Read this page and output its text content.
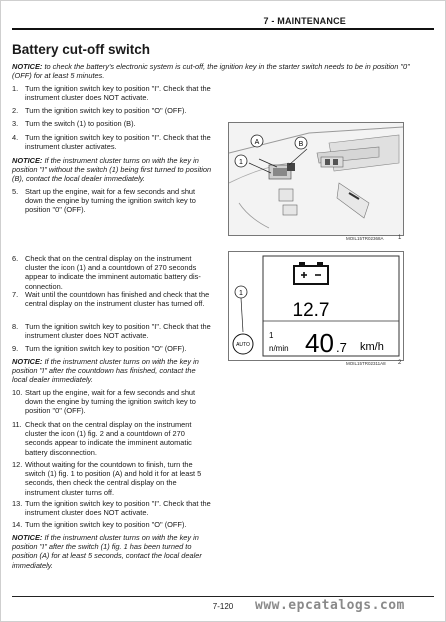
7 - MAINTENANCE
Battery cut-off switch
NOTICE: to check the battery's electronic system is cut-off, the ignition key in the starter switch needs to be in position "0" (OFF) for at least 5 minutes.
1. Turn the ignition switch key to position "I". Check that the instrument cluster does NOT activate.
2. Turn the ignition switch key to position "O" (OFF).
3. Turn the switch (1) to position (B).
4. Turn the ignition switch key to position "I". Check that the instrument cluster activates.
NOTICE: If the instrument cluster turns on with the key in position "I" without the switch (1) being first turned to position (B), contact the local dealer immediately.
5. Start up the engine, wait for a few seconds and shut down the engine by turning the ignition switch key to position "0" (OFF).
A	B
1
MOIL15TR02368A 1
6. Check that on the central display on the instrument cluster the icon (1) and a countdown of 270 seconds appear to indicate the imminent automatic battery dis-connection.
7. Wait until the countdown has finished and check that the central display on the instrument cluster has turned off.
8. Turn the ignition switch key to position "I". Check that the instrument cluster does NOT activate.
9. Turn the ignition switch key to position "O" (OFF).
NOTICE: If the instrument cluster turns on with the key in position "I" after the countdown has finished, contact the local dealer immediately.
12.7
1
AUTO
1
n/min 40 .7 km/h
MOIL15TR02311A8 2
10. Start up the engine, wait for a few seconds and shut down the engine by turning the ignition switch key to position "0" (OFF).
11. Check that on the central display on the instrument cluster the icon (1) fig. 2 and a countdown of 270 seconds appear to indicate the imminent automatic battery disconnection.
12. Without waiting for the countdown to finish, turn the switch (1) fig. 1 to position (A) and hold it for at least 5 seconds, then check the central display on the instrument cluster turns off.
13. Turn the ignition switch key to position "I". Check that the instrument cluster does NOT activate.
14. Turn the ignition switch key to position "O" (OFF).
NOTICE: If the instrument cluster turns on with the key in position "I" after the switch (1) fig. 1 has been turned to position (A) for at least 5 seconds, contact the local dealer immediately.
7-120	www.epcatalogs.com
